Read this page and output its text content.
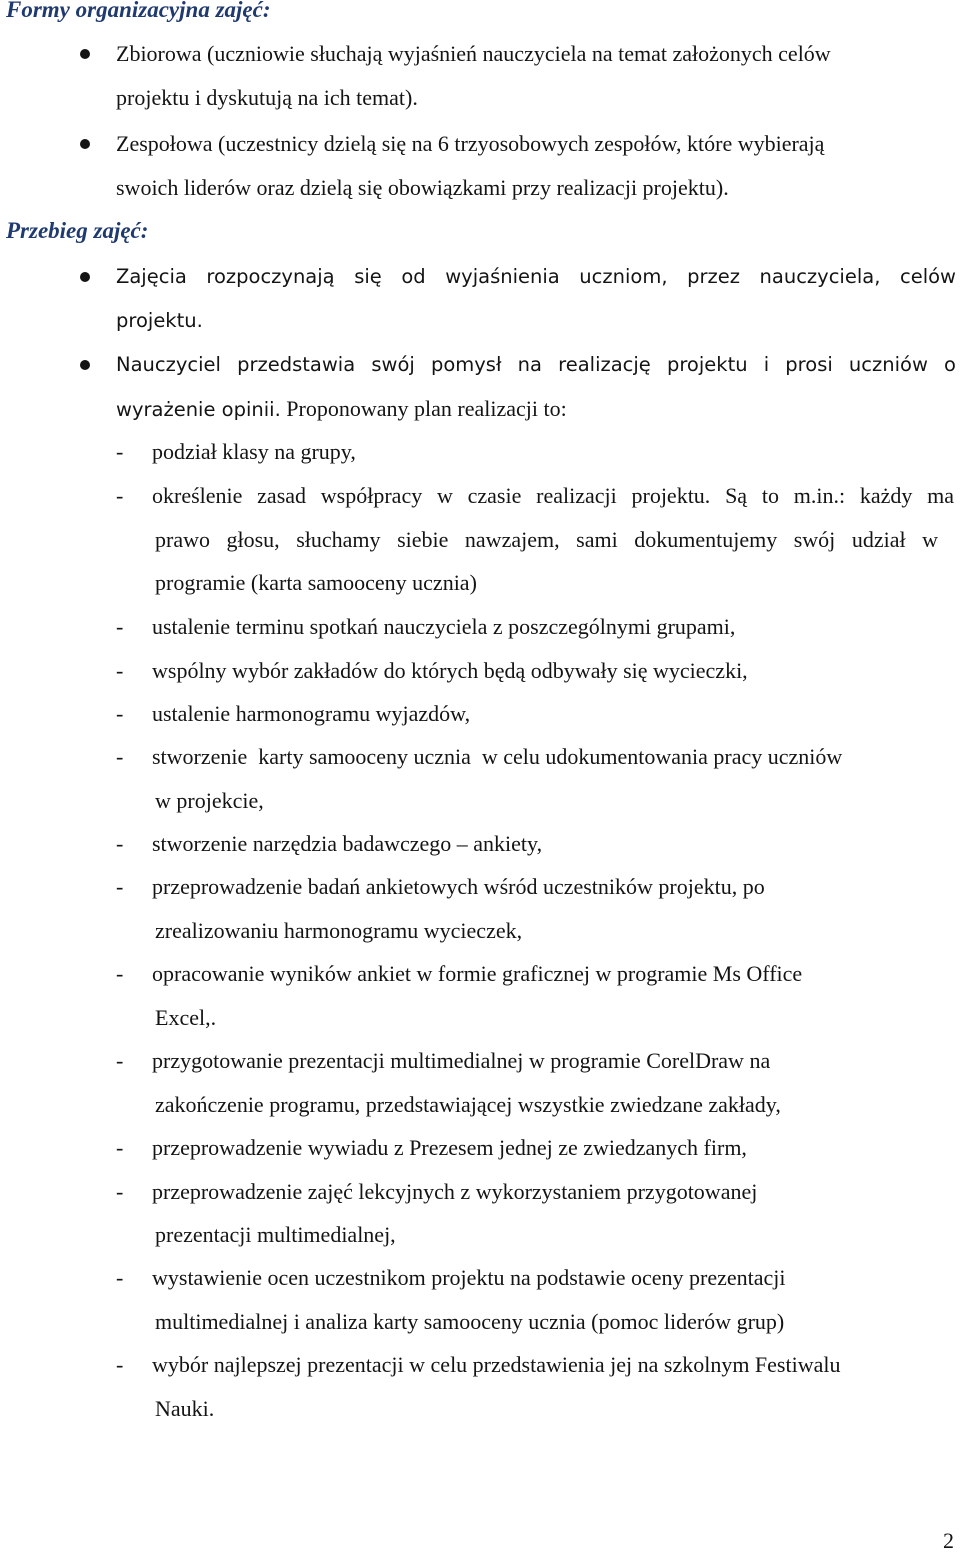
Formy organizacyjna zajęć:
Zbiorowa (uczniowie słuchają wyjaśnień nauczyciela na temat założonych celów
projektu i dyskutują na ich temat).
Zespołowa (uczestnicy dzielą się na 6 trzyosobowych zespołów, które wybierają
swoich liderów oraz dzielą się obowiązkami przy realizacji projektu).
Przebieg zajęć:
Zajęcia rozpoczynają się od wyjaśnienia uczniom, przez nauczyciela, celów
projektu.
Nauczyciel przedstawia swój pomysł na realizację projektu i prosi uczniów o
wyrażenie opinii. Proponowany plan realizacji to:
- podział klasy na grupy,
- określenie zasad współpracy w czasie realizacji projektu. Są to m.in.: każdy ma
prawo głosu, słuchamy siebie nawzajem, sami dokumentujemy swój udział w
programie (karta samooceny ucznia)
- ustalenie terminu spotkań nauczyciela z poszczególnymi grupami,
- wspólny wybór zakładów do których będą odbywały się wycieczki,
- ustalenie harmonogramu wyjazdów,
- stworzenie  karty samooceny ucznia  w celu udokumentowania pracy uczniów
w projekcie,
- stworzenie narzędzia badawczego – ankiety,
- przeprowadzenie badań ankietowych wśród uczestników projektu, po
zrealizowaniu harmonogramu wycieczek,
- opracowanie wyników ankiet w formie graficznej w programie Ms Office
Excel,.
- przygotowanie prezentacji multimedialnej w programie CorelDraw na
zakończenie programu, przedstawiającej wszystkie zwiedzane zakłady,
- przeprowadzenie wywiadu z Prezesem jednej ze zwiedzanych firm,
- przeprowadzenie zajęć lekcyjnych z wykorzystaniem przygotowanej
prezentacji multimedialnej,
- wystawienie ocen uczestnikom projektu na podstawie oceny prezentacji
multimedialnej i analiza karty samooceny ucznia (pomoc liderów grup)
- wybór najlepszej prezentacji w celu przedstawienia jej na szkolnym Festiwalu
Nauki.
2
